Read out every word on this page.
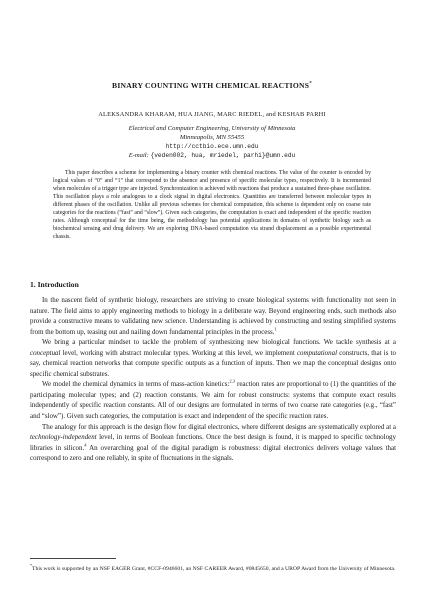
BINARY COUNTING WITH CHEMICAL REACTIONS*
ALEKSANDRA KHARAM, HUA JIANG, MARC RIEDEL, and KESHAB PARHI
Electrical and Computer Engineering, University of Minnesota
Minneapolis, MN 55455
http://cctbio.ece.umn.edu
E-mail: {veden002, hua, mriedel, parhi}@umn.edu
This paper describes a scheme for implementing a binary counter with chemical reactions. The value of the counter is encoded by logical values of “0” and “1” that correspond to the absence and presence of specific molecular types, respectively. It is incremented when molecules of a trigger type are injected. Synchronization is achieved with reactions that produce a sustained three-phase oscillation. This oscillation plays a role analogous to a clock signal in digital electronics. Quantities are transferred between molecular types in different phases of the oscillation. Unlike all previous schemes for chemical computation, this scheme is dependent only on coarse rate categories for the reactions (“fast” and “slow”). Given such categories, the computation is exact and independent of the specific reaction rates. Although conceptual for the time being, the methodology has potential applications in domains of synthetic biology such as biochemical sensing and drug delivery. We are exploring DNA-based computation via strand displacement as a possible experimental chassis.
1. Introduction

In the nascent field of synthetic biology, researchers are striving to create biological systems with functionality not seen in nature. The field aims to apply engineering methods to biology in a deliberate way. Beyond engineering ends, such methods also provide a constructive means to validating new science. Understanding is achieved by constructing and testing simplified systems from the bottom up, teasing out and nailing down fundamental principles in the process.$^1$

We bring a particular mindset to tackle the problem of synthesizing new biological functions. We tackle synthesis at a conceptual level, working with abstract molecular types. Working at this level, we implement computational constructs, that is to say, chemical reaction networks that compute specific outputs as a function of inputs. Then we map the conceptual designs onto specific chemical substrates.

We model the chemical dynamics in terms of mass-action kinetics:$^{2,3}$ reaction rates are proportional to (1) the quantities of the participating molecular types; and (2) reaction constants. We aim for robust constructs: systems that compute exact results independently of specific reaction constants. All of our designs are formulated in terms of two coarse rate categories (e.g., “fast” and “slow”). Given such categories, the computation is exact and independent of the specific reaction rates.

The analogy for this approach is the design flow for digital electronics, where different designs are systematically explored at a technology-independent level, in terms of Boolean functions. Once the best design is found, it is mapped to specific technology libraries in silicon.$^4$ An overarching goal of the digital paradigm is robustness: digital electronics delivers voltage values that correspond to zero and one reliably, in spite of fluctuations in the signals.

*This work is supported by an NSF EAGER Grant, #CCF-0946601, an NSF CAREER Award, #0845650, and a UROP Award from the University of Minnesota.
